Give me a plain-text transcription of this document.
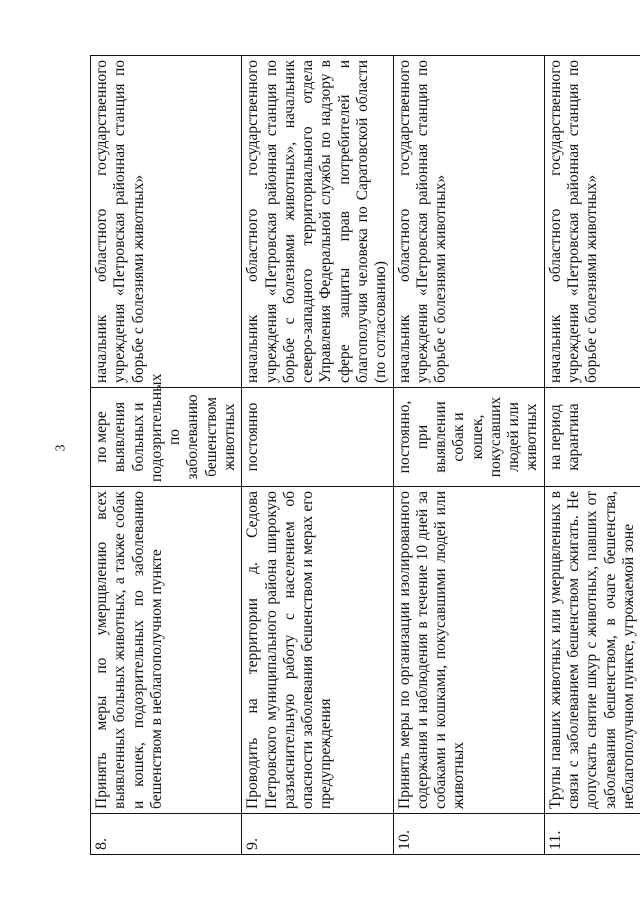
3
8.	Принять меры по умерщвлению всех выявленных больных животных, а также собак и кошек, подозрительных по заболеванию бешенством в неблагополучном пункте	по мере выявления больных и подозрительных по заболеванию бешенством животных	начальник областного государственного учреждения «Петровская районная станция по борьбе с болезнями животных»
9.	Проводить на территории д. Седова Петровского муниципального района широкую разъяснительную работу с населением об опасности заболевания бешенством и мерах его предупреждения	постоянно	начальник областного государственного учреждения «Петровская районная станция по борьбе с болезнями животных», начальник северо-западного территориального отдела Управления Федеральной службы по надзору в сфере защиты прав потребителей и благополучия человека по Саратовской области (по согласованию)
10.	Принять меры по организации изолированного содержания и наблюдения в течение 10 дней за собаками и кошками, покусавшими людей или животных	постоянно, при выявлении собак и кошек, покусавших людей или животных	начальник областного государственного учреждения «Петровская районная станция по борьбе с болезнями животных»
11.	Трупы павших животных или умерщвленных в связи с заболеванием бешенством сжигать. Не допускать снятие шкур с животных, павших от заболевания бешенством, в очаге бешенства, неблагополучном пункте, угрожаемой зоне	на период карантина	начальник областного государственного учреждения «Петровская районная станция по борьбе с болезнями животных»
